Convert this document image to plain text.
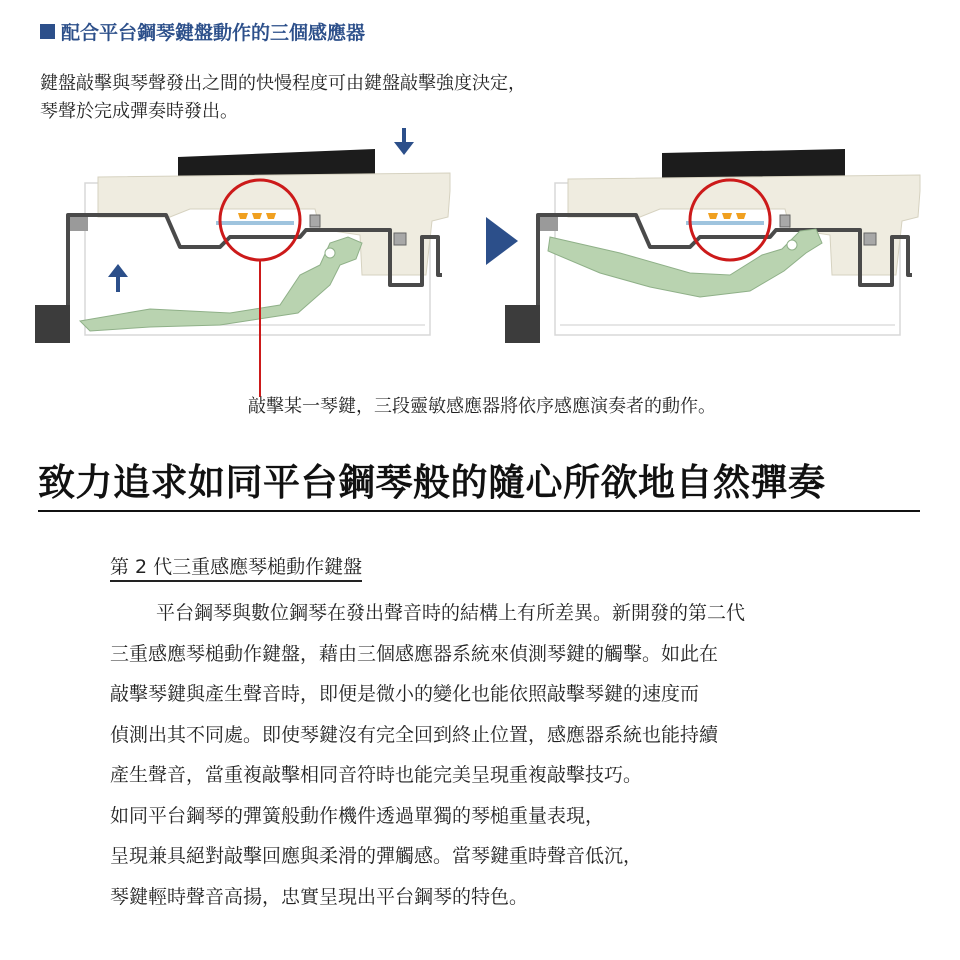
配合平台鋼琴鍵盤動作的三個感應器
鍵盤敲擊與琴聲發出之間的快慢程度可由鍵盤敲擊強度決定，
琴聲於完成彈奏時發出。
敲擊某一琴鍵，三段靈敏感應器將依序感應演奏者的動作。
致力追求如同平台鋼琴般的隨心所欲地自然彈奏
第 2 代三重感應琴槌動作鍵盤
平台鋼琴與數位鋼琴在發出聲音時的結構上有所差異。新開發的第二代
三重感應琴槌動作鍵盤，藉由三個感應器系統來偵測琴鍵的觸擊。如此在
敲擊琴鍵與產生聲音時，即便是微小的變化也能依照敲擊琴鍵的速度而
偵測出其不同處。即使琴鍵沒有完全回到終止位置，感應器系統也能持續
產生聲音，當重複敲擊相同音符時也能完美呈現重複敲擊技巧。
如同平台鋼琴的彈簧般動作機件透過單獨的琴槌重量表現，
呈現兼具絕對敲擊回應與柔滑的彈觸感。當琴鍵重時聲音低沉，
琴鍵輕時聲音高揚，忠實呈現出平台鋼琴的特色。
